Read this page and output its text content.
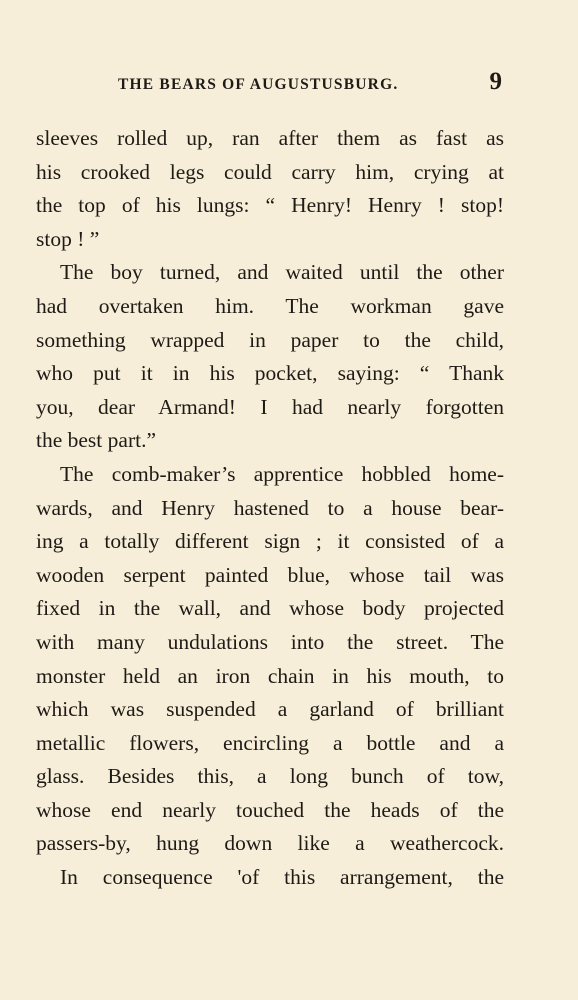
THE BEARS OF AUGUSTUSBURG.	9
sleeves rolled up, ran after them as fast as
his crooked legs could carry him, crying at
the top of his lungs: “ Henry! Henry ! stop!
stop ! ”
The boy turned, and waited until the other
had overtaken him. The workman gave
something wrapped in paper to the child,
who put it in his pocket, saying: “ Thank
you, dear Armand! I had nearly forgotten
the best part.”
The comb-maker’s apprentice hobbled home-
wards, and Henry hastened to a house bear-
ing a totally different sign ; it consisted of a
wooden serpent painted blue, whose tail was
fixed in the wall, and whose body projected
with many undulations into the street. The
monster held an iron chain in his mouth, to
which was suspended a garland of brilliant
metallic flowers, encircling a bottle and a
glass. Besides this, a long bunch of tow,
whose end nearly touched the heads of the
passers-by, hung down like a weathercock.
In consequence 'of this arrangement, the
